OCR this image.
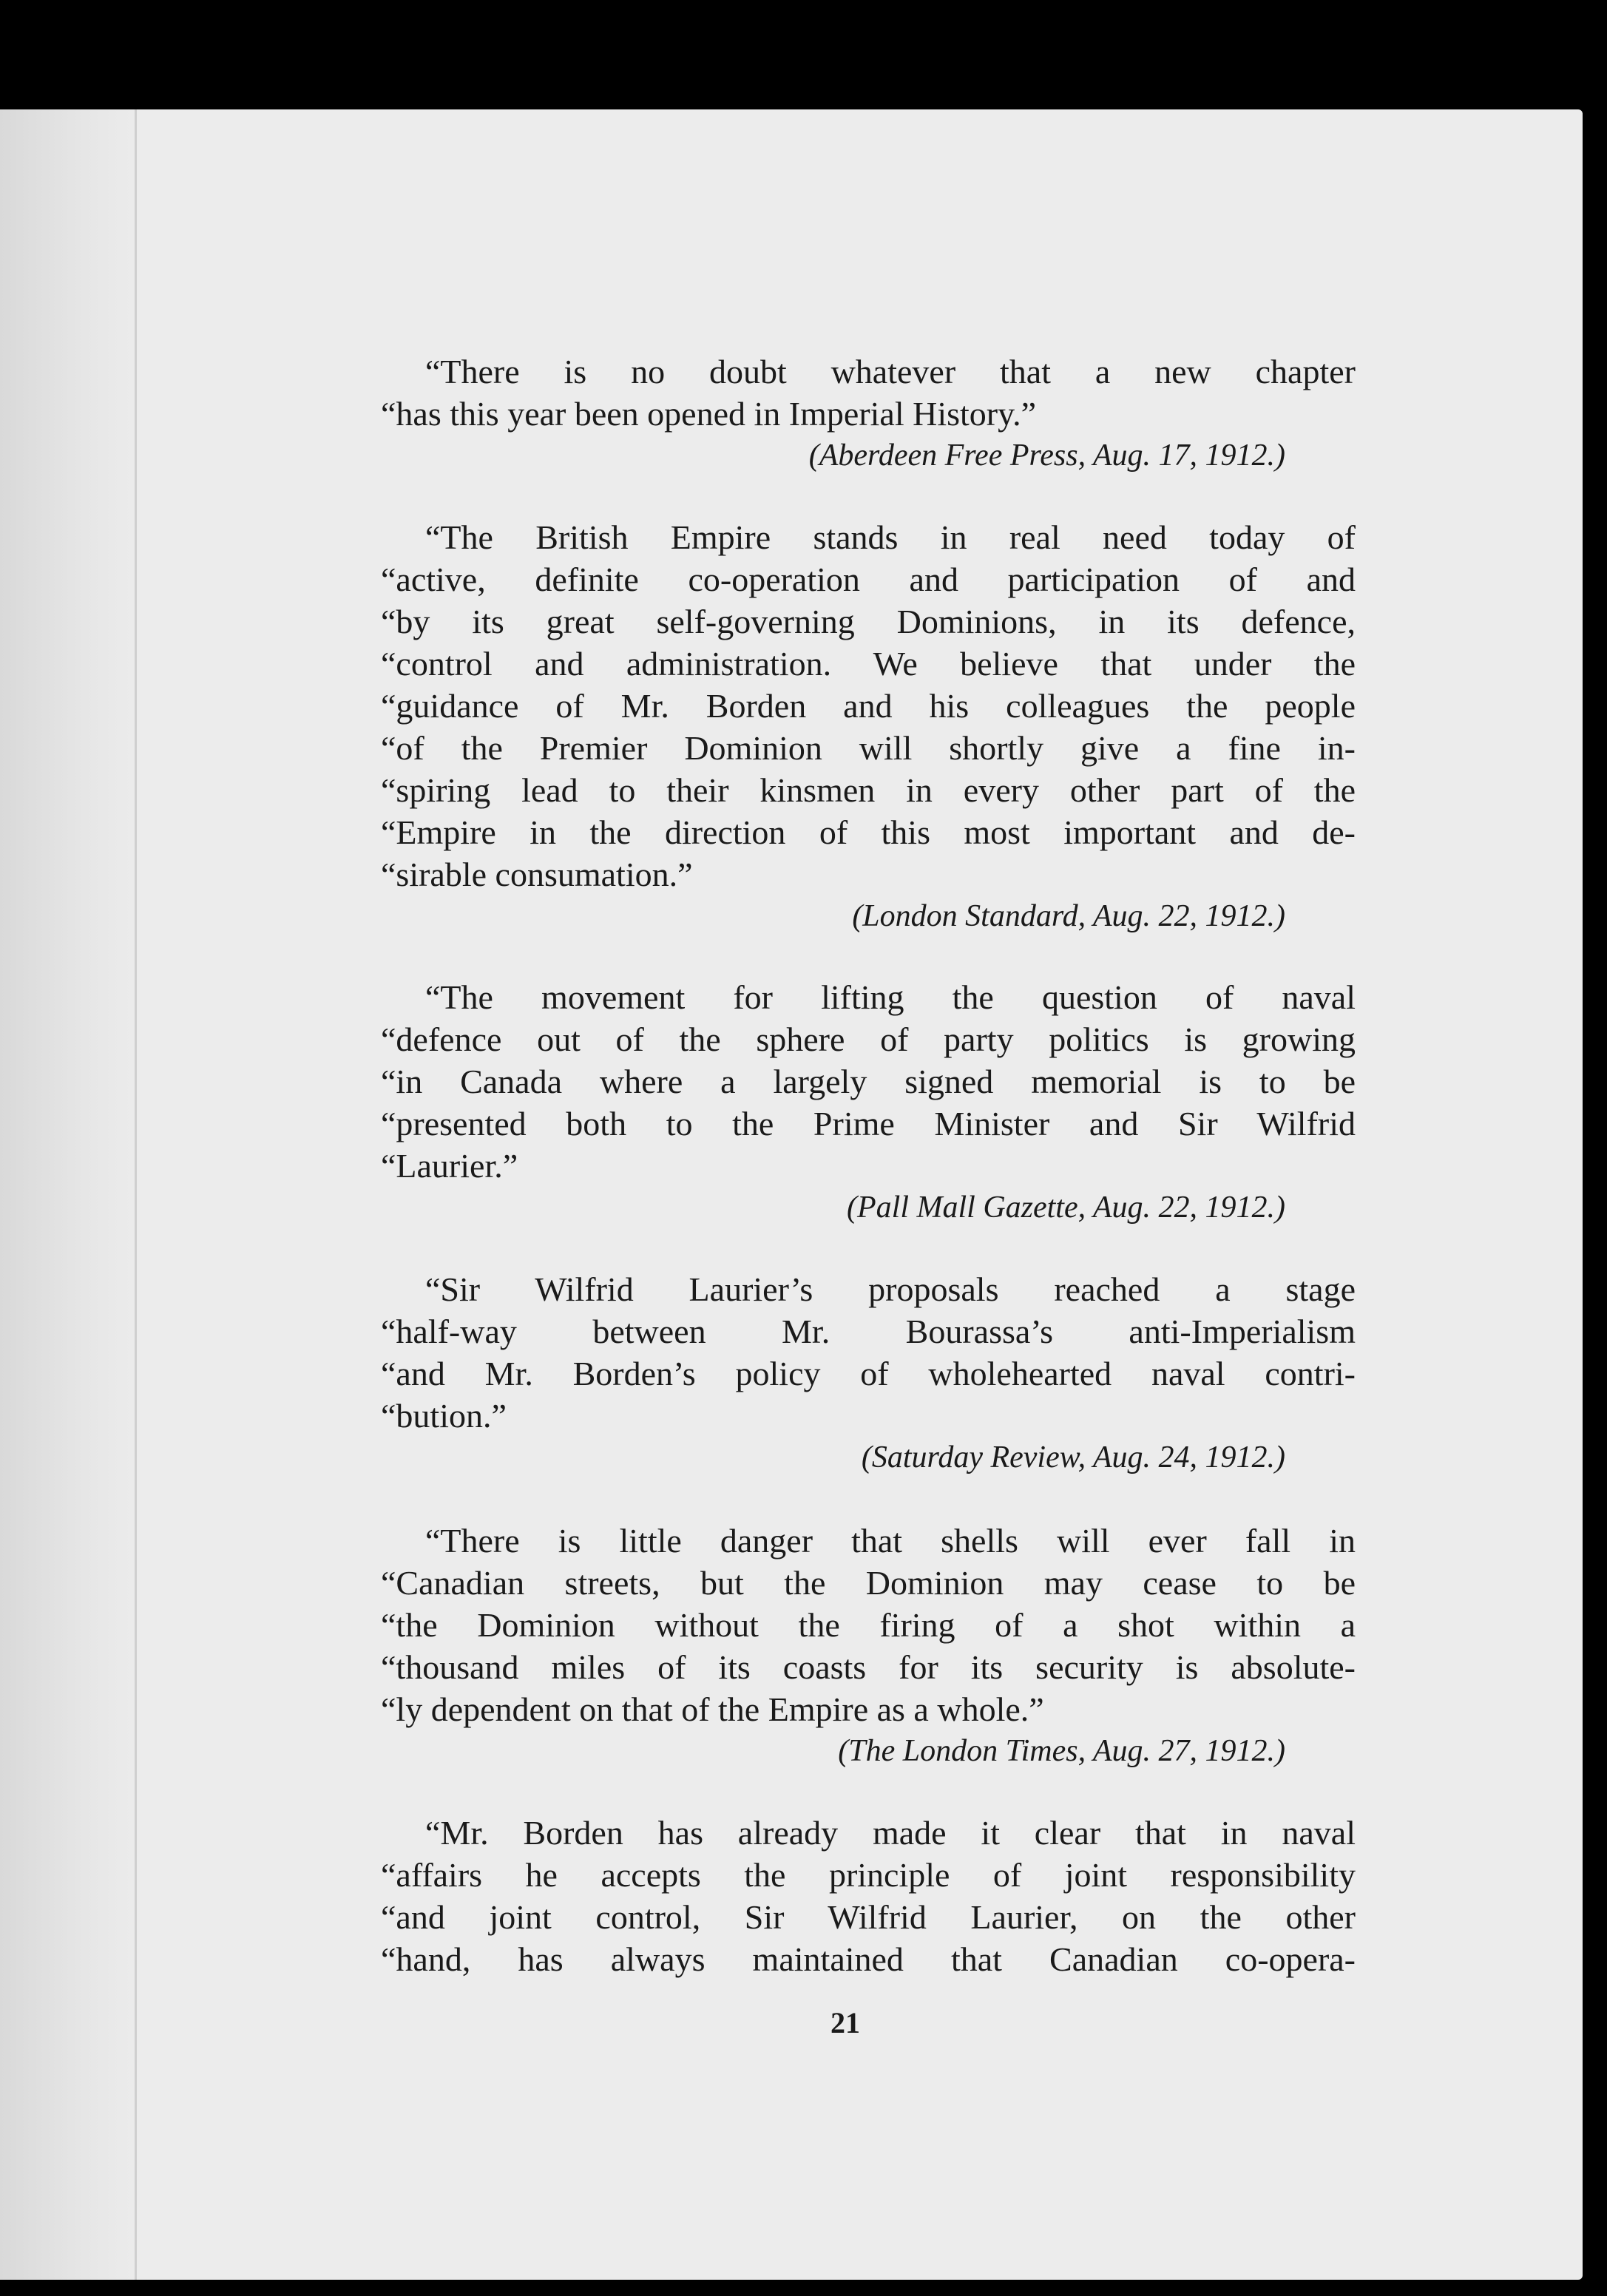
“There is no doubt whatever that a new chapter
“has this year been opened in Imperial History.”
(Aberdeen Free Press, Aug. 17, 1912.)
“The British Empire stands in real need today of
“active, definite co-operation and participation of and
“by its great self-governing Dominions, in its defence,
“control and administration. We believe that under the
“guidance of Mr. Borden and his colleagues the people
“of the Premier Dominion will shortly give a fine in-
“spiring lead to their kinsmen in every other part of the
“Empire in the direction of this most important and de-
“sirable consumation.”
(London Standard, Aug. 22, 1912.)
“The movement for lifting the question of naval
“defence out of the sphere of party politics is growing
“in Canada where a largely signed memorial is to be
“presented both to the Prime Minister and Sir Wilfrid
“Laurier.”
(Pall Mall Gazette, Aug. 22, 1912.)
“Sir Wilfrid Laurier’s proposals reached a stage
“half-way between Mr. Bourassa’s anti-Imperialism
“and Mr. Borden’s policy of wholehearted naval contri-
“bution.”
(Saturday Review, Aug. 24, 1912.)
“There is little danger that shells will ever fall in
“Canadian streets, but the Dominion may cease to be
“the Dominion without the firing of a shot within a
“thousand miles of its coasts for its security is absolute-
“ly dependent on that of the Empire as a whole.”
(The London Times, Aug. 27, 1912.)
“Mr. Borden has already made it clear that in naval
“affairs he accepts the principle of joint responsibility
“and joint control, Sir Wilfrid Laurier, on the other
“hand, has always maintained that Canadian co-opera-
21
